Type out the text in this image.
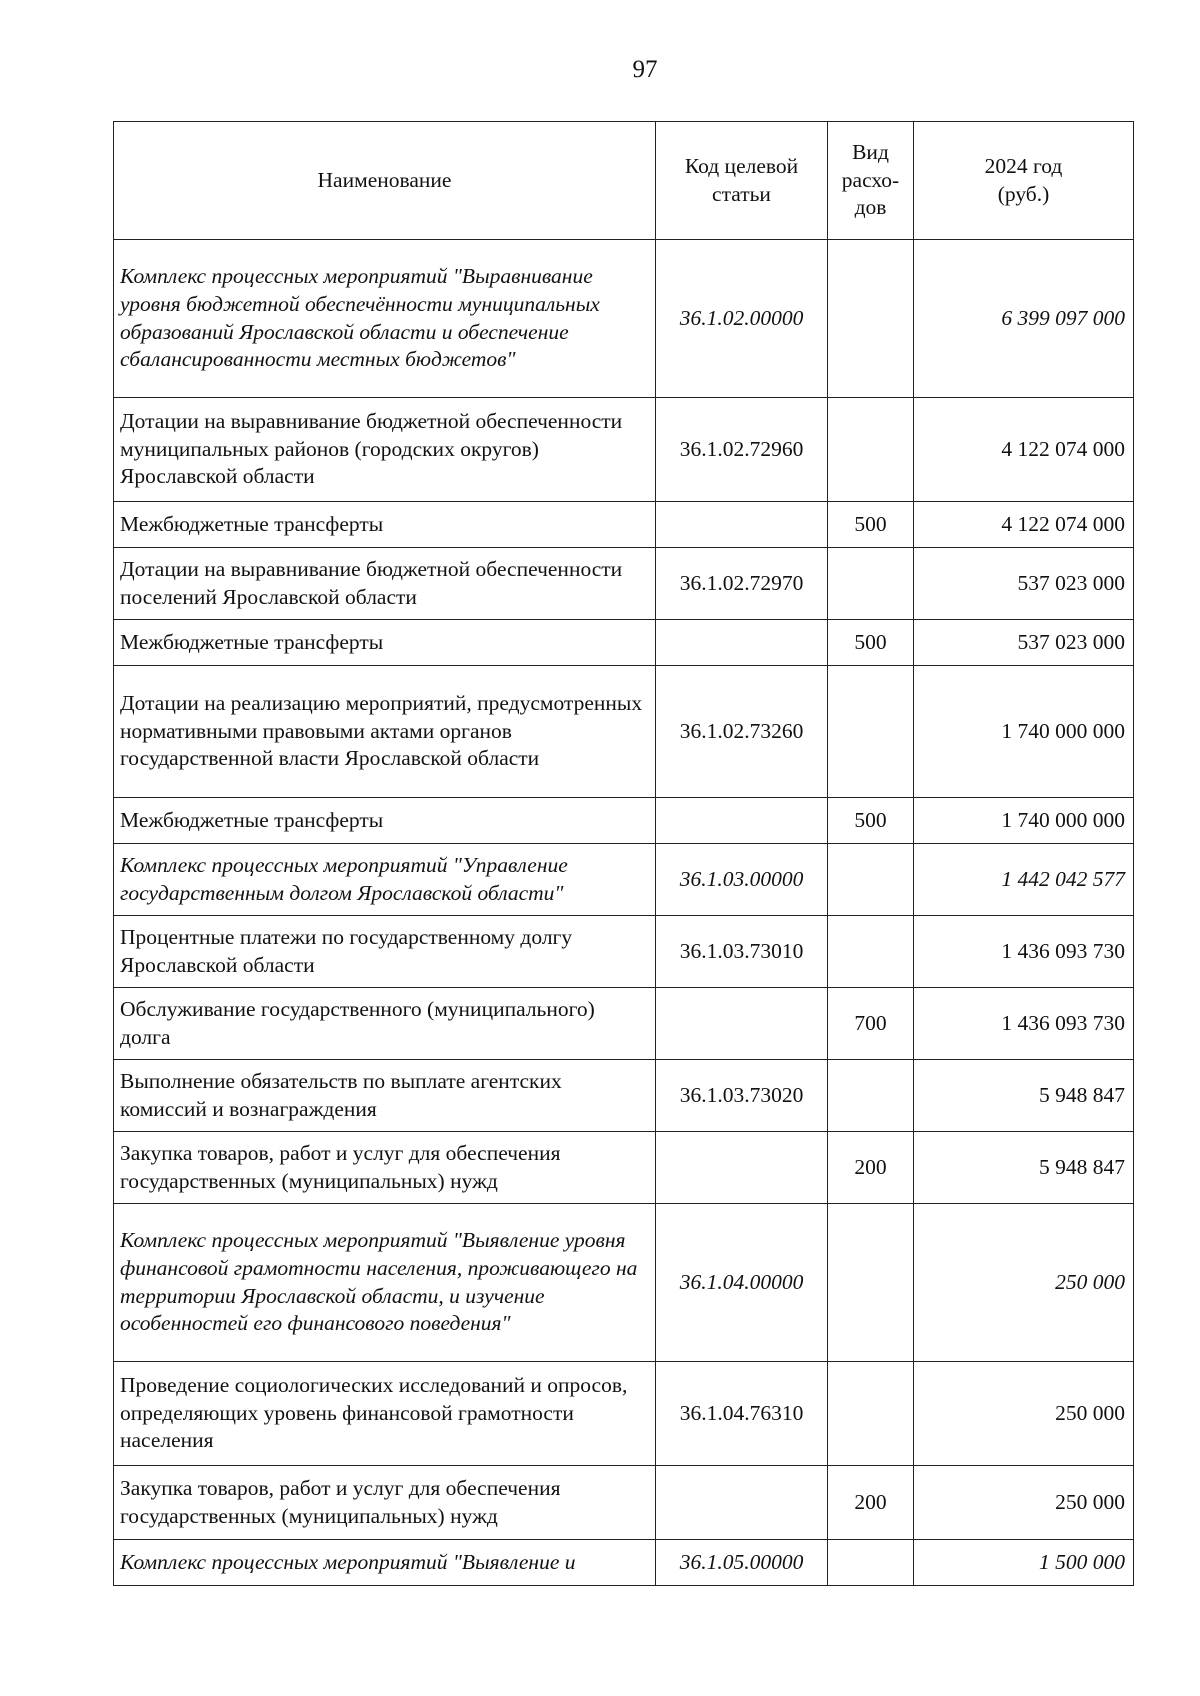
97
Наименование	Код целевой статьи	Вид расхо-дов	2024 год (руб.)
Комплекс процессных мероприятий "Выравнивание уровня бюджетной обеспечённости муниципальных образований Ярославской области и обеспечение сбалансированности местных бюджетов"	36.1.02.00000		6 399 097 000
Дотации на выравнивание бюджетной обеспеченности муниципальных районов (городских округов) Ярославской области	36.1.02.72960		4 122 074 000
Межбюджетные трансферты		500	4 122 074 000
Дотации на выравнивание бюджетной обеспеченности поселений Ярославской области	36.1.02.72970		537 023 000
Межбюджетные трансферты		500	537 023 000
Дотации на реализацию мероприятий, предусмотренных нормативными правовыми актами органов государственной власти Ярославской области	36.1.02.73260		1 740 000 000
Межбюджетные трансферты		500	1 740 000 000
Комплекс процессных мероприятий "Управление государственным долгом Ярославской области"	36.1.03.00000		1 442 042 577
Процентные платежи по государственному долгу Ярославской области	36.1.03.73010		1 436 093 730
Обслуживание государственного (муниципального) долга		700	1 436 093 730
Выполнение обязательств по выплате агентских комиссий и вознаграждения	36.1.03.73020		5 948 847
Закупка товаров, работ и услуг для обеспечения государственных (муниципальных) нужд		200	5 948 847
Комплекс процессных мероприятий "Выявление уровня финансовой грамотности населения, проживающего на территории Ярославской области, и изучение особенностей его финансового поведения"	36.1.04.00000		250 000
Проведение социологических исследований и опросов, определяющих уровень финансовой грамотности населения	36.1.04.76310		250 000
Закупка товаров, работ и услуг для обеспечения государственных (муниципальных) нужд		200	250 000
Комплекс процессных мероприятий "Выявление и	36.1.05.00000		1 500 000
